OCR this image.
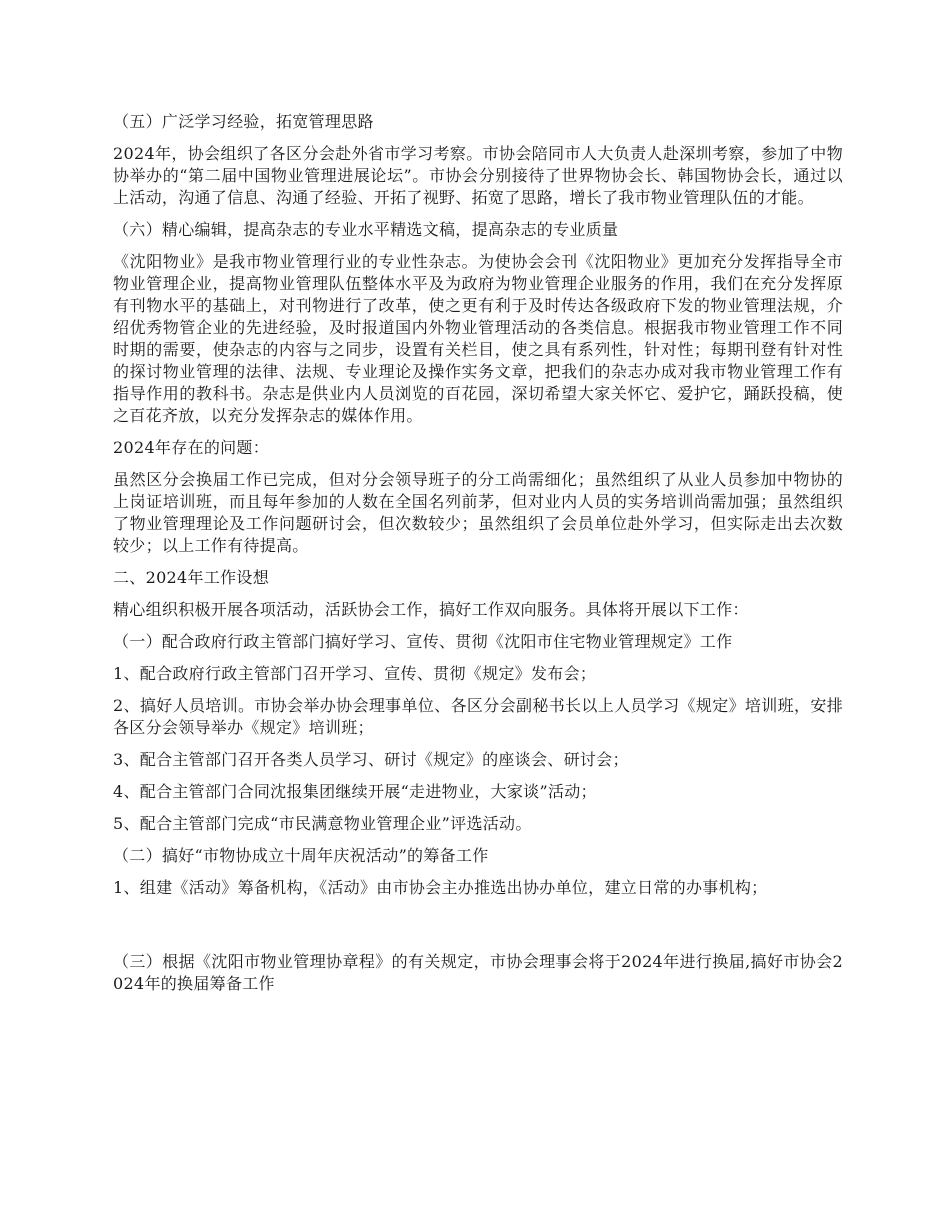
（五）广泛学习经验，拓宽管理思路

2024年，协会组织了各区分会赴外省市学习考察。市协会陪同市人大负责人赴深圳考察，参加了中物协举办的“第二届中国物业管理进展论坛”。市协会分别接待了世界物协会长、韩国物协会长，通过以上活动，沟通了信息、沟通了经验、开拓了视野、拓宽了思路，增长了我市物业管理队伍的才能。

（六）精心编辑，提高杂志的专业水平精选文稿，提高杂志的专业质量

《沈阳物业》是我市物业管理行业的专业性杂志。为使协会会刊《沈阳物业》更加充分发挥指导全市物业管理企业，提高物业管理队伍整体水平及为政府为物业管理企业服务的作用，我们在充分发挥原有刊物水平的基础上，对刊物进行了改革，使之更有利于及时传达各级政府下发的物业管理法规，介绍优秀物管企业的先进经验，及时报道国内外物业管理活动的各类信息。根据我市物业管理工作不同时期的需要，使杂志的内容与之同步，设置有关栏目，使之具有系列性，针对性；每期刊登有针对性的探讨物业管理的法律、法规、专业理论及操作实务文章，把我们的杂志办成对我市物业管理工作有指导作用的教科书。杂志是供业内人员浏览的百花园，深切希望大家关怀它、爱护它，踊跃投稿，使之百花齐放，以充分发挥杂志的媒体作用。

2024年存在的问题：

虽然区分会换届工作已完成，但对分会领导班子的分工尚需细化；虽然组织了从业人员参加中物协的上岗证培训班，而且每年参加的人数在全国名列前茅，但对业内人员的实务培训尚需加强；虽然组织了物业管理理论及工作问题研讨会，但次数较少；虽然组织了会员单位赴外学习，但实际走出去次数较少；以上工作有待提高。

二、2024年工作设想

精心组织积极开展各项活动，活跃协会工作，搞好工作双向服务。具体将开展以下工作：

（一）配合政府行政主管部门搞好学习、宣传、贯彻《沈阳市住宅物业管理规定》工作

1、配合政府行政主管部门召开学习、宣传、贯彻《规定》发布会；

2、搞好人员培训。市协会举办协会理事单位、各区分会副秘书长以上人员学习《规定》培训班，安排各区分会领导举办《规定》培训班；

3、配合主管部门召开各类人员学习、研讨《规定》的座谈会、研讨会；

4、配合主管部门合同沈报集团继续开展“走进物业，大家谈”活动；

5、配合主管部门完成“市民满意物业管理企业”评选活动。

（二）搞好“市物协成立十周年庆祝活动”的筹备工作

1、组建《活动》筹备机构，《活动》由市协会主办推选出协办单位，建立日常的办事机构；

（三）根据《沈阳市物业管理协章程》的有关规定，市协会理事会将于2024年进行换届,搞好市协会2024年的换届筹备工作
